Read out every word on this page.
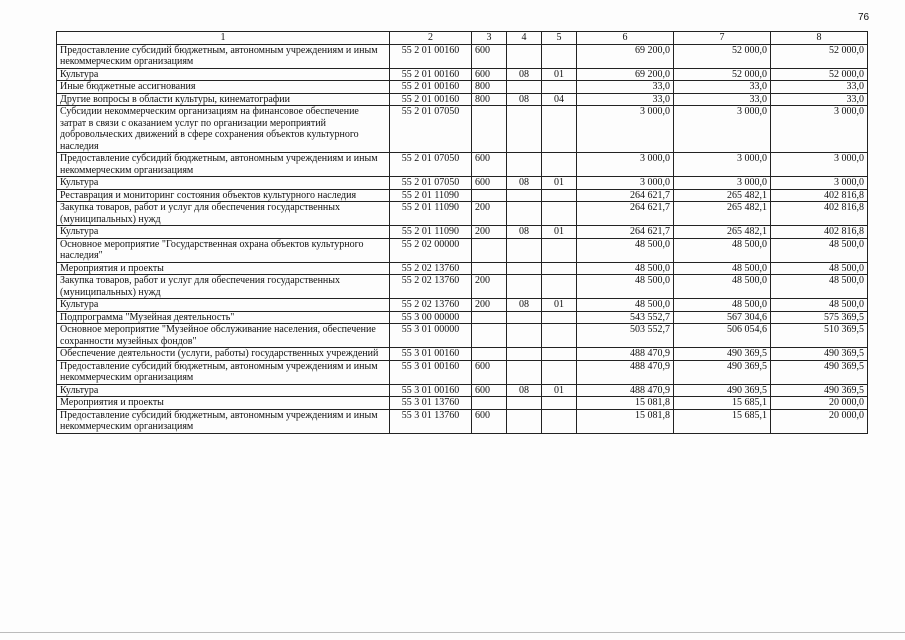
76
1	2	3	4	5	6	7	8
Предоставление субсидий бюджетным, автономным учреждениям и иным некоммерческим организациям	55 2 01 00160	600			69 200,0	52 000,0	52 000,0
Культура	55 2 01 00160	600	08	01	69 200,0	52 000,0	52 000,0
Иные бюджетные ассигнования	55 2 01 00160	800			33,0	33,0	33,0
Другие вопросы в области культуры, кинематографии	55 2 01 00160	800	08	04	33,0	33,0	33,0
Субсидии некоммерческим организациям на финансовое обеспечение затрат в связи с оказанием услуг по организации мероприятий добровольческих движений в сфере сохранения объектов культурного наследия	55 2 01 07050				3 000,0	3 000,0	3 000,0
Предоставление субсидий бюджетным, автономным учреждениям и иным некоммерческим организациям	55 2 01 07050	600			3 000,0	3 000,0	3 000,0
Культура	55 2 01 07050	600	08	01	3 000,0	3 000,0	3 000,0
Реставрация и мониторинг состояния объектов культурного наследия	55 2 01 11090				264 621,7	265 482,1	402 816,8
Закупка товаров, работ и услуг для обеспечения государственных (муниципальных) нужд	55 2 01 11090	200			264 621,7	265 482,1	402 816,8
Культура	55 2 01 11090	200	08	01	264 621,7	265 482,1	402 816,8
Основное мероприятие "Государственная охрана объектов культурного наследия"	55 2 02 00000				48 500,0	48 500,0	48 500,0
Мероприятия и проекты	55 2 02 13760				48 500,0	48 500,0	48 500,0
Закупка товаров, работ и услуг для обеспечения государственных (муниципальных) нужд	55 2 02 13760	200			48 500,0	48 500,0	48 500,0
Культура	55 2 02 13760	200	08	01	48 500,0	48 500,0	48 500,0
Подпрограмма "Музейная деятельность"	55 3 00 00000				543 552,7	567 304,6	575 369,5
Основное мероприятие "Музейное обслуживание населения, обеспечение сохранности музейных фондов"	55 3 01 00000				503 552,7	506 054,6	510 369,5
Обеспечение деятельности (услуги, работы) государственных учреждений	55 3 01 00160				488 470,9	490 369,5	490 369,5
Предоставление субсидий бюджетным, автономным учреждениям и иным некоммерческим организациям	55 3 01 00160	600			488 470,9	490 369,5	490 369,5
Культура	55 3 01 00160	600	08	01	488 470,9	490 369,5	490 369,5
Мероприятия и проекты	55 3 01 13760				15 081,8	15 685,1	20 000,0
Предоставление субсидий бюджетным, автономным учреждениям и иным некоммерческим организациям	55 3 01 13760	600			15 081,8	15 685,1	20 000,0
